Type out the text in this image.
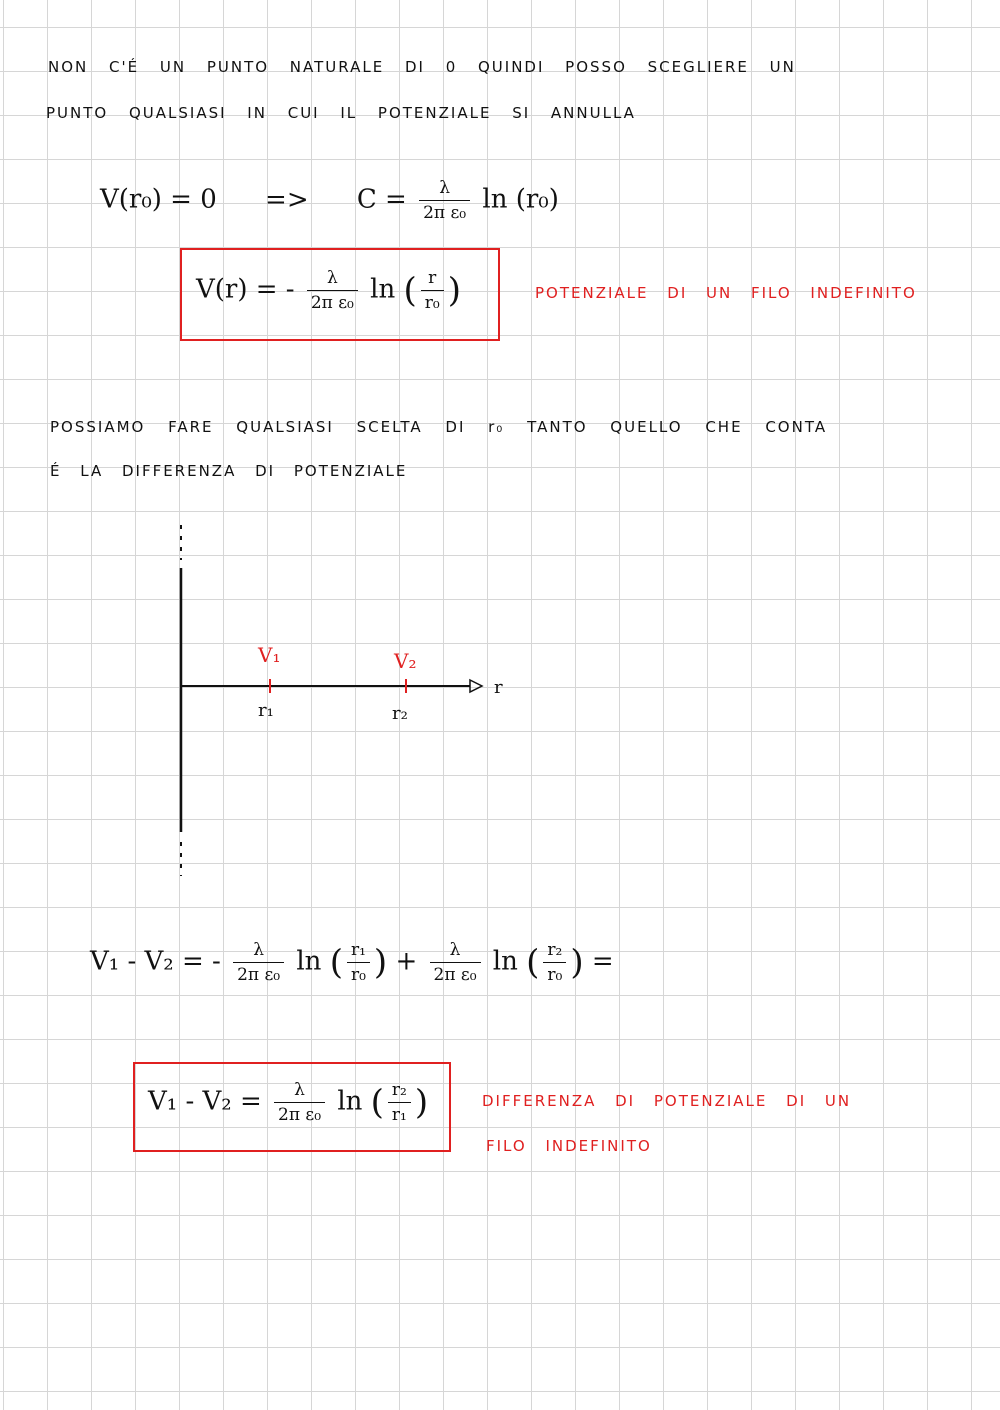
NON C'É UN PUNTO NATURALE DI 0 QUINDI POSSO SCEGLIERE UN
PUNTO QUALSIASI IN CUI IL POTENZIALE SI ANNULLA
$V(r_0) = 0 => C = \frac{\lambda}{\text{2π ε₀}}$ ln (r₀)
V(r) = - $\frac{\lambda}{\text{2π ε₀}}$ ln ( $\frac{r}{\text{r₀}}$ )	POTENZIALE DI UN FILO INDEFINITO
POSSIAMO FARE QUALSIASI SCELTA DI r₀ TANTO QUELLO CHE CONTA
É LA DIFFERENZA DI POTENZIALE
V₁	V₂
r₁	r₂
r
V₁ - V₂ = - $\frac{\lambda}{\text{2π ε₀}}$ ln ( $\frac{\text{r₁}}{\text{r₀}}$ ) + $\frac{\lambda}{\text{2π ε₀}}$ ln ( $\frac{\text{r₂}}{\text{r₀}}$ ) =
$V_1 - V_2 = \frac{\lambda}{\text{2π ε₀}}$ ln ( $\frac{\text{r₂}}{\text{r₁}}$ )	DIFFERENZA DI POTENZIALE DI UN
FILO INDEFINITO
